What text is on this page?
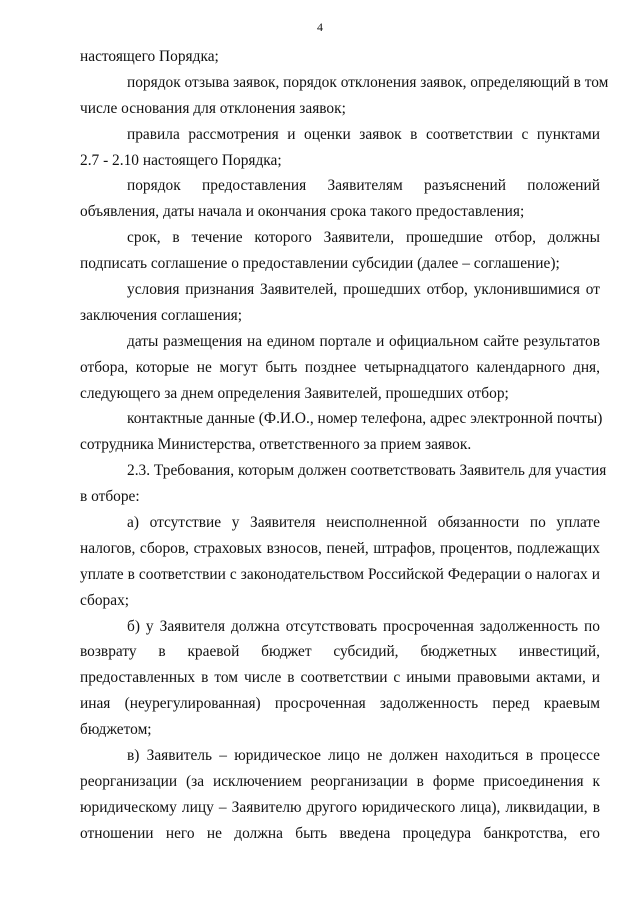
4

настоящего Порядка;

порядок отзыва заявок, порядок отклонения заявок, определяющий в том
числе основания для отклонения заявок;

правила рассмотрения и оценки заявок в соответствии с пунктами
2.7 - 2.10 настоящего Порядка;

порядок предоставления Заявителям разъяснений положений
объявления, даты начала и окончания срока такого предоставления;

срок, в течение которого Заявители, прошедшие отбор, должны
подписать соглашение о предоставлении субсидии (далее – соглашение);

условия признания Заявителей, прошедших отбор, уклонившимися от
заключения соглашения;

даты размещения на едином портале и официальном сайте результатов
отбора, которые не могут быть позднее четырнадцатого календарного дня,
следующего за днем определения Заявителей, прошедших отбор;

контактные данные (Ф.И.О., номер телефона, адрес электронной почты)
сотрудника Министерства, ответственного за прием заявок.

2.3. Требования, которым должен соответствовать Заявитель для участия
в отборе:

а) отсутствие у Заявителя неисполненной обязанности по уплате
налогов, сборов, страховых взносов, пеней, штрафов, процентов, подлежащих
уплате в соответствии с законодательством Российской Федерации о налогах и
сборах;

б) у Заявителя должна отсутствовать просроченная задолженность по
возврату в краевой бюджет субсидий, бюджетных инвестиций,
предоставленных в том числе в соответствии с иными правовыми актами, и
иная (неурегулированная) просроченная задолженность перед краевым
бюджетом;

в) Заявитель – юридическое лицо не должен находиться в процессе
реорганизации (за исключением реорганизации в форме присоединения к
юридическому лицу – Заявителю другого юридического лица), ликвидации, в
отношении него не должна быть введена процедура банкротства, его
